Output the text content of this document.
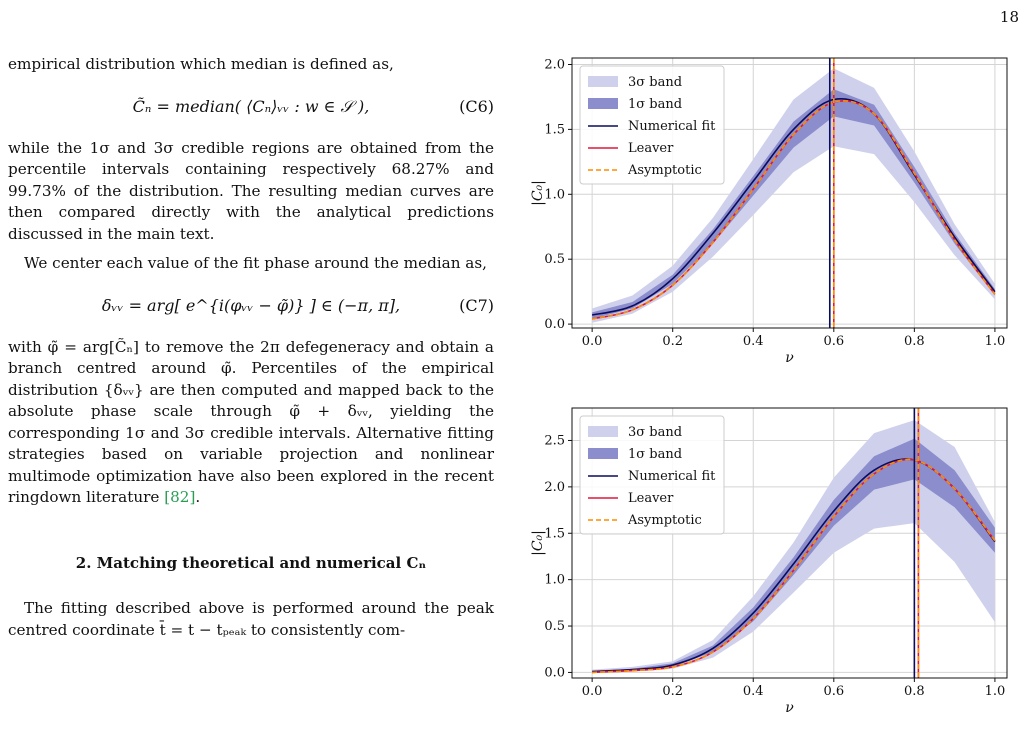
18

empirical distribution which median is defined as,

C̃ₙ = median( ⟨Cₙ⟩ᵥᵥ : w ∈ 𝒮 ),	(C6)

while the 1σ and 3σ credible regions are obtained from the percentile intervals containing respectively 68.27% and 99.73% of the distribution. The resulting median curves are then compared directly with the analytical predictions discussed in the main text.

We center each value of the fit phase around the median as,

δᵥᵥ = arg[ e^{i(φᵥᵥ − φ̃)} ] ∈ (−π, π],	(C7)

with φ̃ = arg[C̃ₙ] to remove the 2π defegeneracy and obtain a branch centred around φ̃. Percentiles of the empirical distribution {δᵥᵥ} are then computed and mapped back to the absolute phase scale through φ̃ + δᵥᵥ, yielding the corresponding 1σ and 3σ credible intervals. Alternative fitting strategies based on variable projection and nonlinear multimode optimization have also been explored in the recent ringdown literature [82].

2. Matching theoretical and numerical Cₙ

The fitting described above is performed around the peak centred coordinate t̄ = t − tₚₑₐₖ to consistently com-

0.0	0.2	0.4	0.6	0.8	1.0
0.0
0.5
1.0
1.5
2.0
ν
|C₀|
3σ band
1σ band
Numerical fit
Leaver
Asymptotic
0.0	0.2	0.4	0.6	0.8	1.0
0.0
0.5
1.0
1.5
2.0
2.5
ν
|C₀|
3σ band
1σ band
Numerical fit
Leaver
Asymptotic
